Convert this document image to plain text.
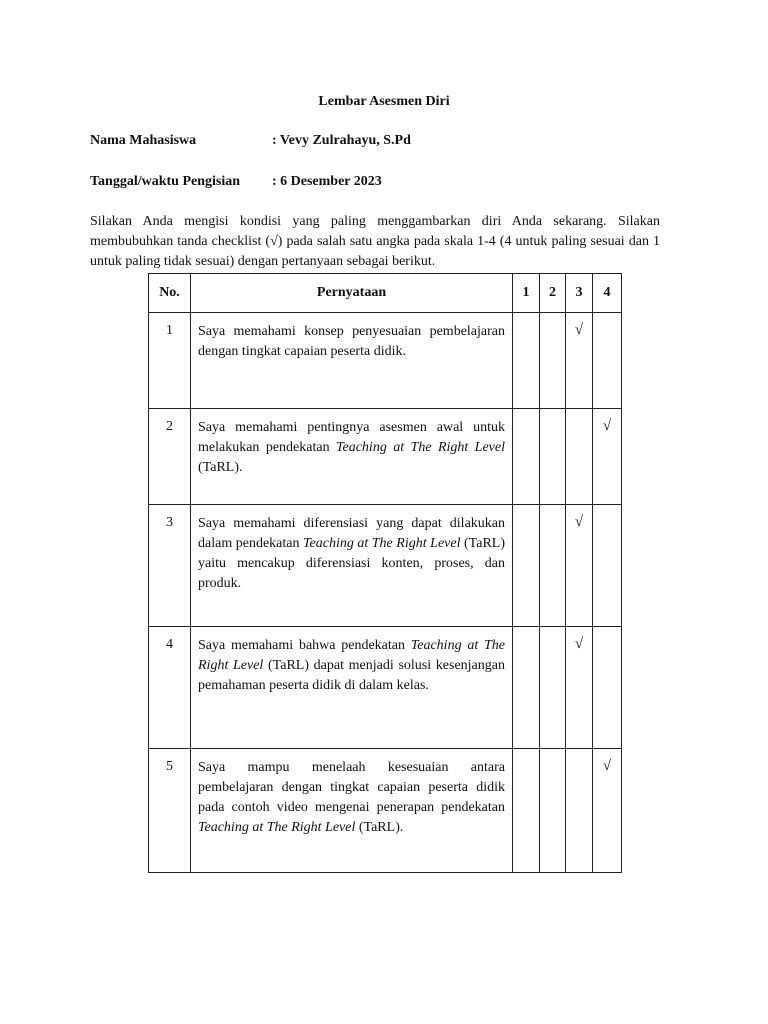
Lembar Asesmen Diri
Nama Mahasiswa	: Vevy Zulrahayu, S.Pd
Tanggal/waktu Pengisian : 6 Desember 2023

Silakan Anda mengisi kondisi yang paling menggambarkan diri Anda sekarang. Silakan membubuhkan tanda checklist (√) pada salah satu angka pada skala 1-4 (4 untuk paling sesuai dan 1 untuk paling tidak sesuai) dengan pertanyaan sebagai berikut.

No.	Pernyataan	1	2	3	4
1	Saya memahami konsep penyesuaian pembelajaran dengan tingkat capaian peserta didik.			√	
2	Saya memahami pentingnya asesmen awal untuk melakukan pendekatan Teaching at The Right Level (TaRL).				√
3	Saya memahami diferensiasi yang dapat dilakukan dalam pendekatan Teaching at The Right Level (TaRL) yaitu mencakup diferensiasi konten, proses, dan produk.			√	
4	Saya memahami bahwa pendekatan Teaching at The Right Level (TaRL) dapat menjadi solusi kesenjangan pemahaman peserta didik di dalam kelas.			√	
5	Saya mampu menelaah kesesuaian antara pembelajaran dengan tingkat capaian peserta didik pada contoh video mengenai penerapan pendekatan Teaching at The Right Level (TaRL).				√
